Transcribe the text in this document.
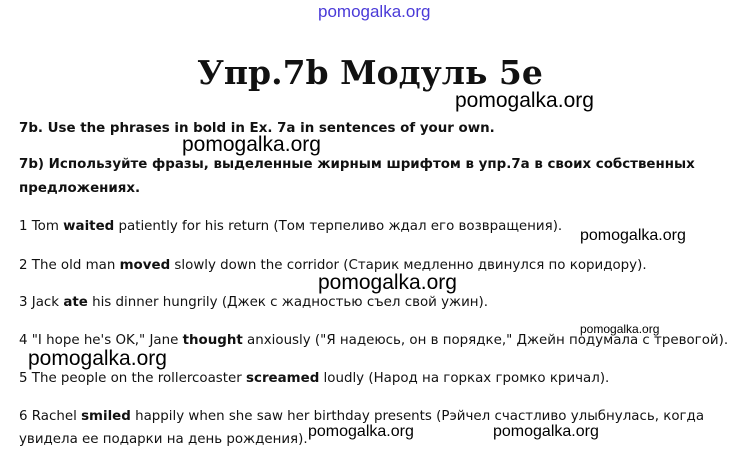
pomogalka.org
Упр.7b Модуль 5e
pomogalka.org
7b. Use the phrases in bold in Ex. 7a in sentences of your own.
pomogalka.org
7b) Используйте фразы, выделенные жирным шрифтом в упр.7а в своих собственных
предложениях.
1 Tom waited patiently for his return (Том терпеливо ждал его возвращения).
pomogalka.org
2 The old man moved slowly down the corridor (Старик медленно двинулся по коридору).
pomogalka.org
3 Jack ate his dinner hungrily (Джек с жадностью съел свой ужин).
pomogalka.org
4 "I hope he's OK," Jane thought anxiously ("Я надеюсь, он в порядке," Джейн подумала с тревогой).
pomogalka.org
5 The people on the rollercoaster screamed loudly (Народ на горках громко кричал).
6 Rachel smiled happily when she saw her birthday presents (Рэйчел счастливо улыбнулась, когда
увидела ее подарки на день рождения). pomogalka.org	pomogalka.org
